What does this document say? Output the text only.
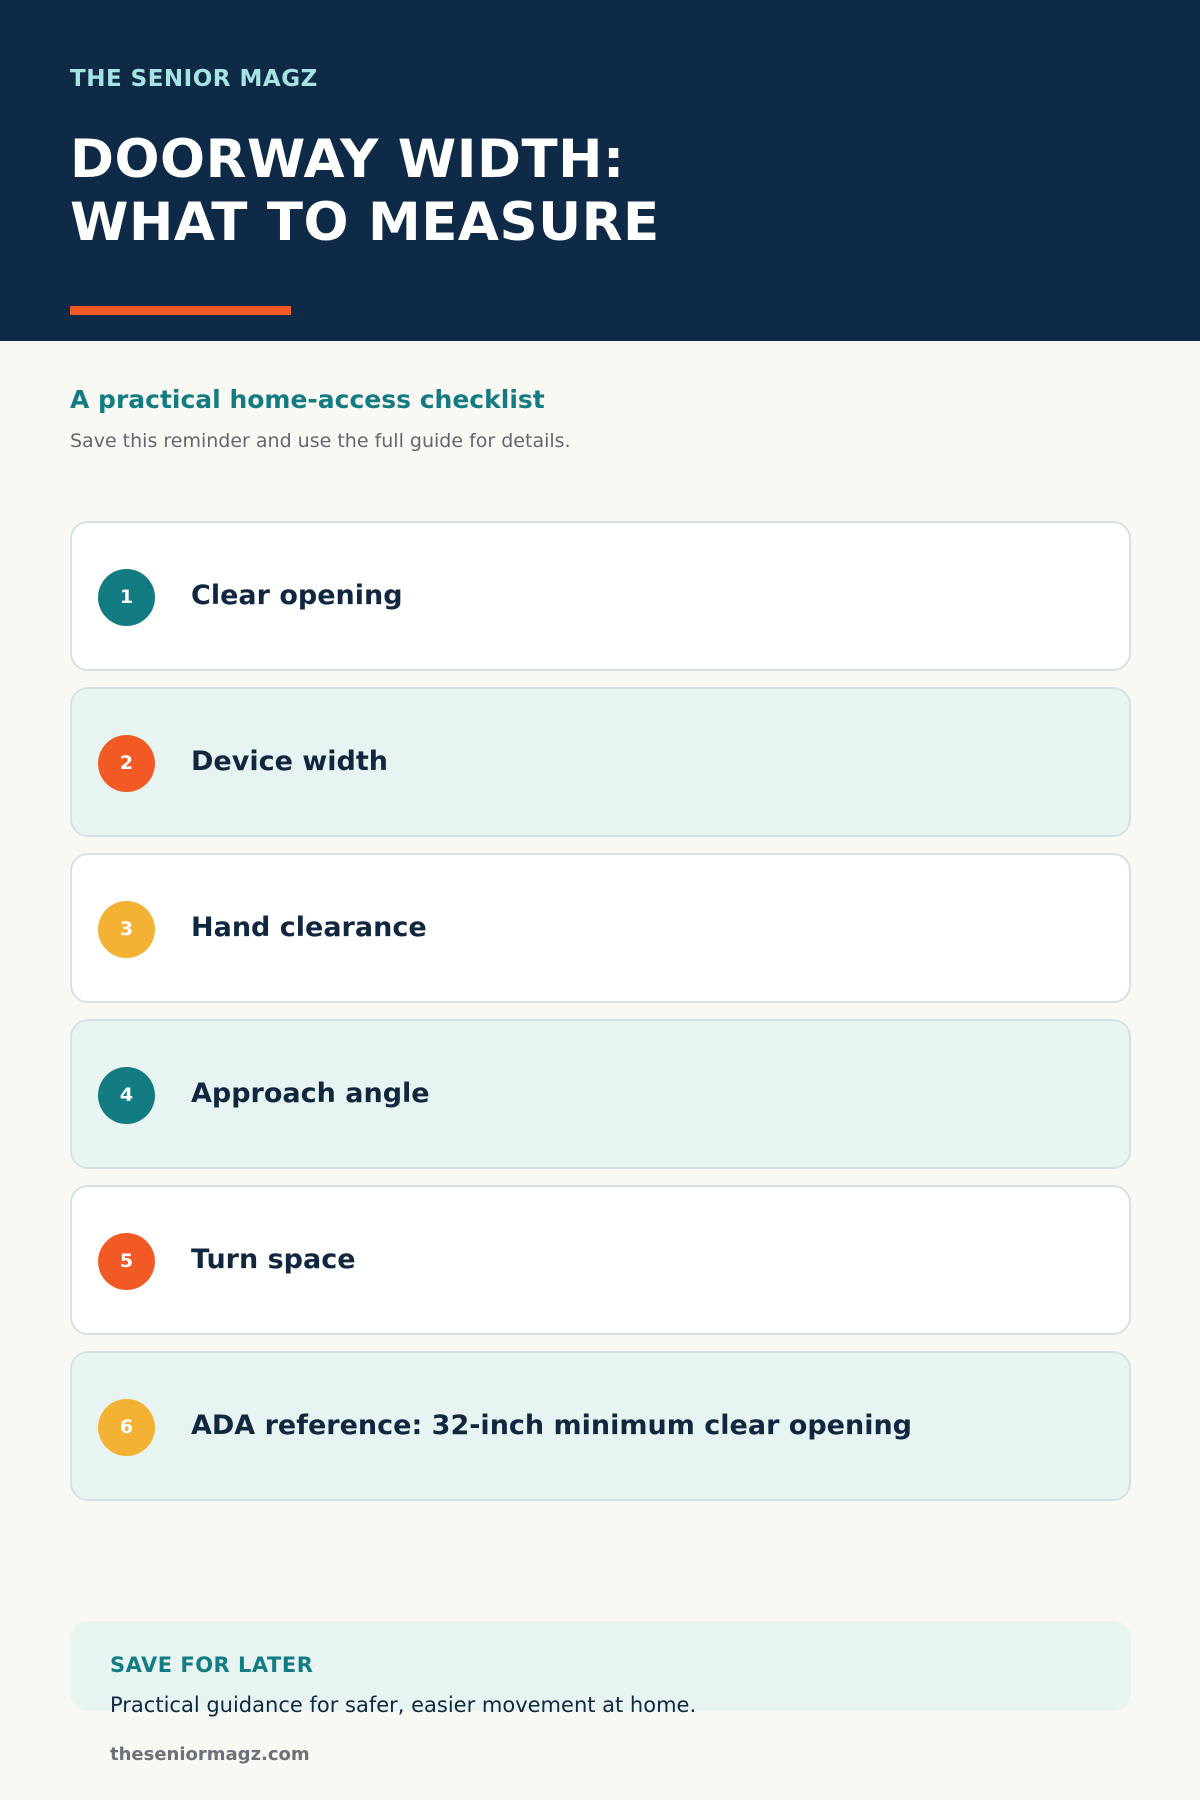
THE SENIOR MAGZ
DOORWAY WIDTH:
WHAT TO MEASURE
A practical home-access checklist
Save this reminder and use the full guide for details.
1	Clear opening
2	Device width
3	Hand clearance
4	Approach angle
5	Turn space
6	ADA reference: 32-inch minimum clear opening
SAVE FOR LATER
Practical guidance for safer, easier movement at home.
theseniormagz.com
